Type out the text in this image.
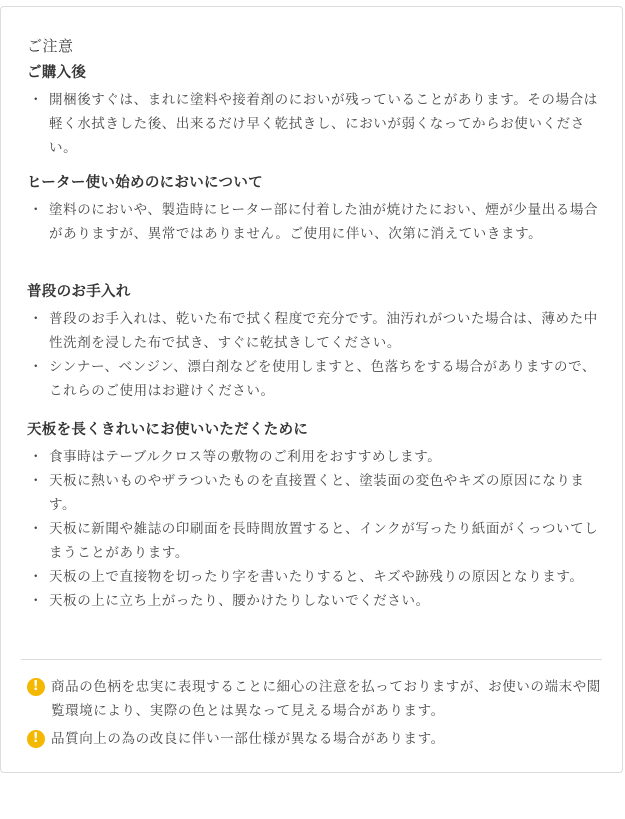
ご注意
ご購入後
・ 開梱後すぐは、まれに塗料や接着剤のにおいが残っていることがあります。その場合は軽く水拭きした後、出来るだけ早く乾拭きし、においが弱くなってからお使いください。
ヒーター使い始めのにおいについて
・ 塗料のにおいや、製造時にヒーター部に付着した油が焼けたにおい、煙が少量出る場合がありますが、異常ではありません。ご使用に伴い、次第に消えていきます。
普段のお手入れ
・ 普段のお手入れは、乾いた布で拭く程度で充分です。油汚れがついた場合は、薄めた中性洗剤を浸した布で拭き、すぐに乾拭きしてください。
・ シンナー、ベンジン、漂白剤などを使用しますと、色落ちをする場合がありますので、これらのご使用はお避けください。
天板を長くきれいにお使いいただくために
・ 食事時はテーブルクロス等の敷物のご利用をおすすめします。
・ 天板に熱いものやザラついたものを直接置くと、塗装面の変色やキズの原因になります。
・ 天板に新聞や雑誌の印刷面を長時間放置すると、インクが写ったり紙面がくっついてしまうことがあります。
・ 天板の上で直接物を切ったり字を書いたりすると、キズや跡残りの原因となります。
・ 天板の上に立ち上がったり、腰かけたりしないでください。
! 商品の色柄を忠実に表現することに細心の注意を払っておりますが、お使いの端末や閲覧環境により、実際の色とは異なって見える場合があります。
! 品質向上の為の改良に伴い一部仕様が異なる場合があります。
